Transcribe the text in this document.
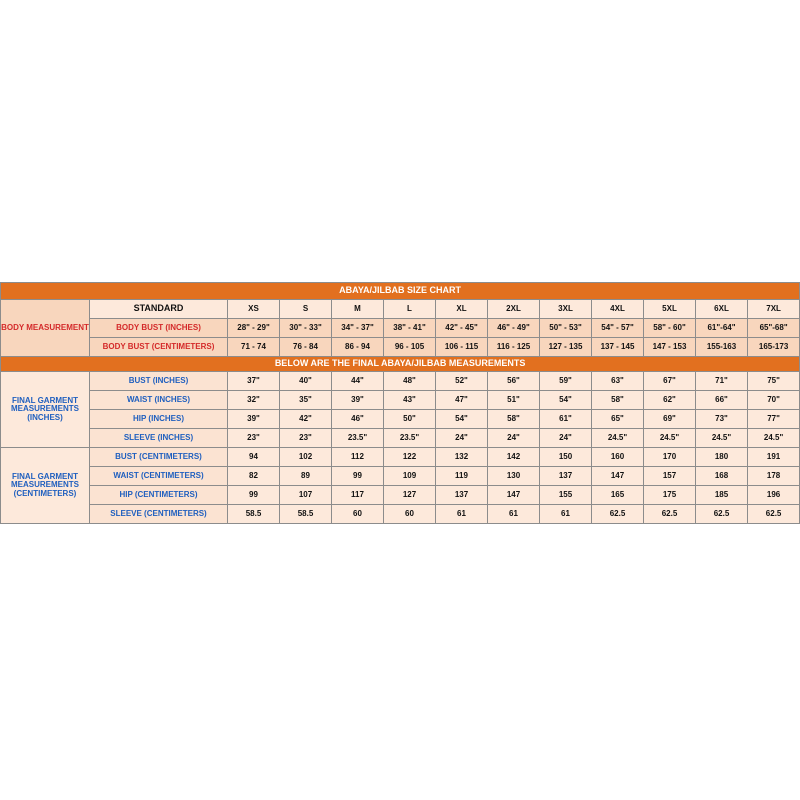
ABAYA/JILBAB SIZE CHART												
BODY MEASUREMENT	STANDARD	XS	S	M	L	XL	2XL	3XL	4XL	5XL	6XL	7XL
	BODY BUST (INCHES)	28" - 29"	30" - 33"	34" - 37"	38" - 41"	42" - 45"	46" - 49"	50" - 53"	54" - 57"	58" - 60"	61"-64"	65"-68"
	BODY BUST (CENTIMETERS)	71 - 74	76 - 84	86 - 94	96 - 105	106 - 115	116 - 125	127 - 135	137 - 145	147 - 153	155-163	165-173
BELOW ARE THE FINAL ABAYA/JILBAB MEASUREMENTS												
FINAL GARMENT MEASUREMENTS (INCHES)	BUST (INCHES)	37"	40"	44"	48"	52"	56"	59"	63"	67"	71"	75"
	WAIST (INCHES)	32"	35"	39"	43"	47"	51"	54"	58"	62"	66"	70"
	HIP (INCHES)	39"	42"	46"	50"	54"	58"	61"	65"	69"	73"	77"
	SLEEVE (INCHES)	23"	23"	23.5"	23.5"	24"	24"	24"	24.5"	24.5"	24.5"	24.5"
FINAL GARMENT MEASUREMENTS (CENTIMETERS)	BUST (CENTIMETERS)	94	102	112	122	132	142	150	160	170	180	191
	WAIST (CENTIMETERS)	82	89	99	109	119	130	137	147	157	168	178
	HIP (CENTIMETERS)	99	107	117	127	137	147	155	165	175	185	196
	SLEEVE (CENTIMETERS)	58.5	58.5	60	60	61	61	61	62.5	62.5	62.5	62.5
